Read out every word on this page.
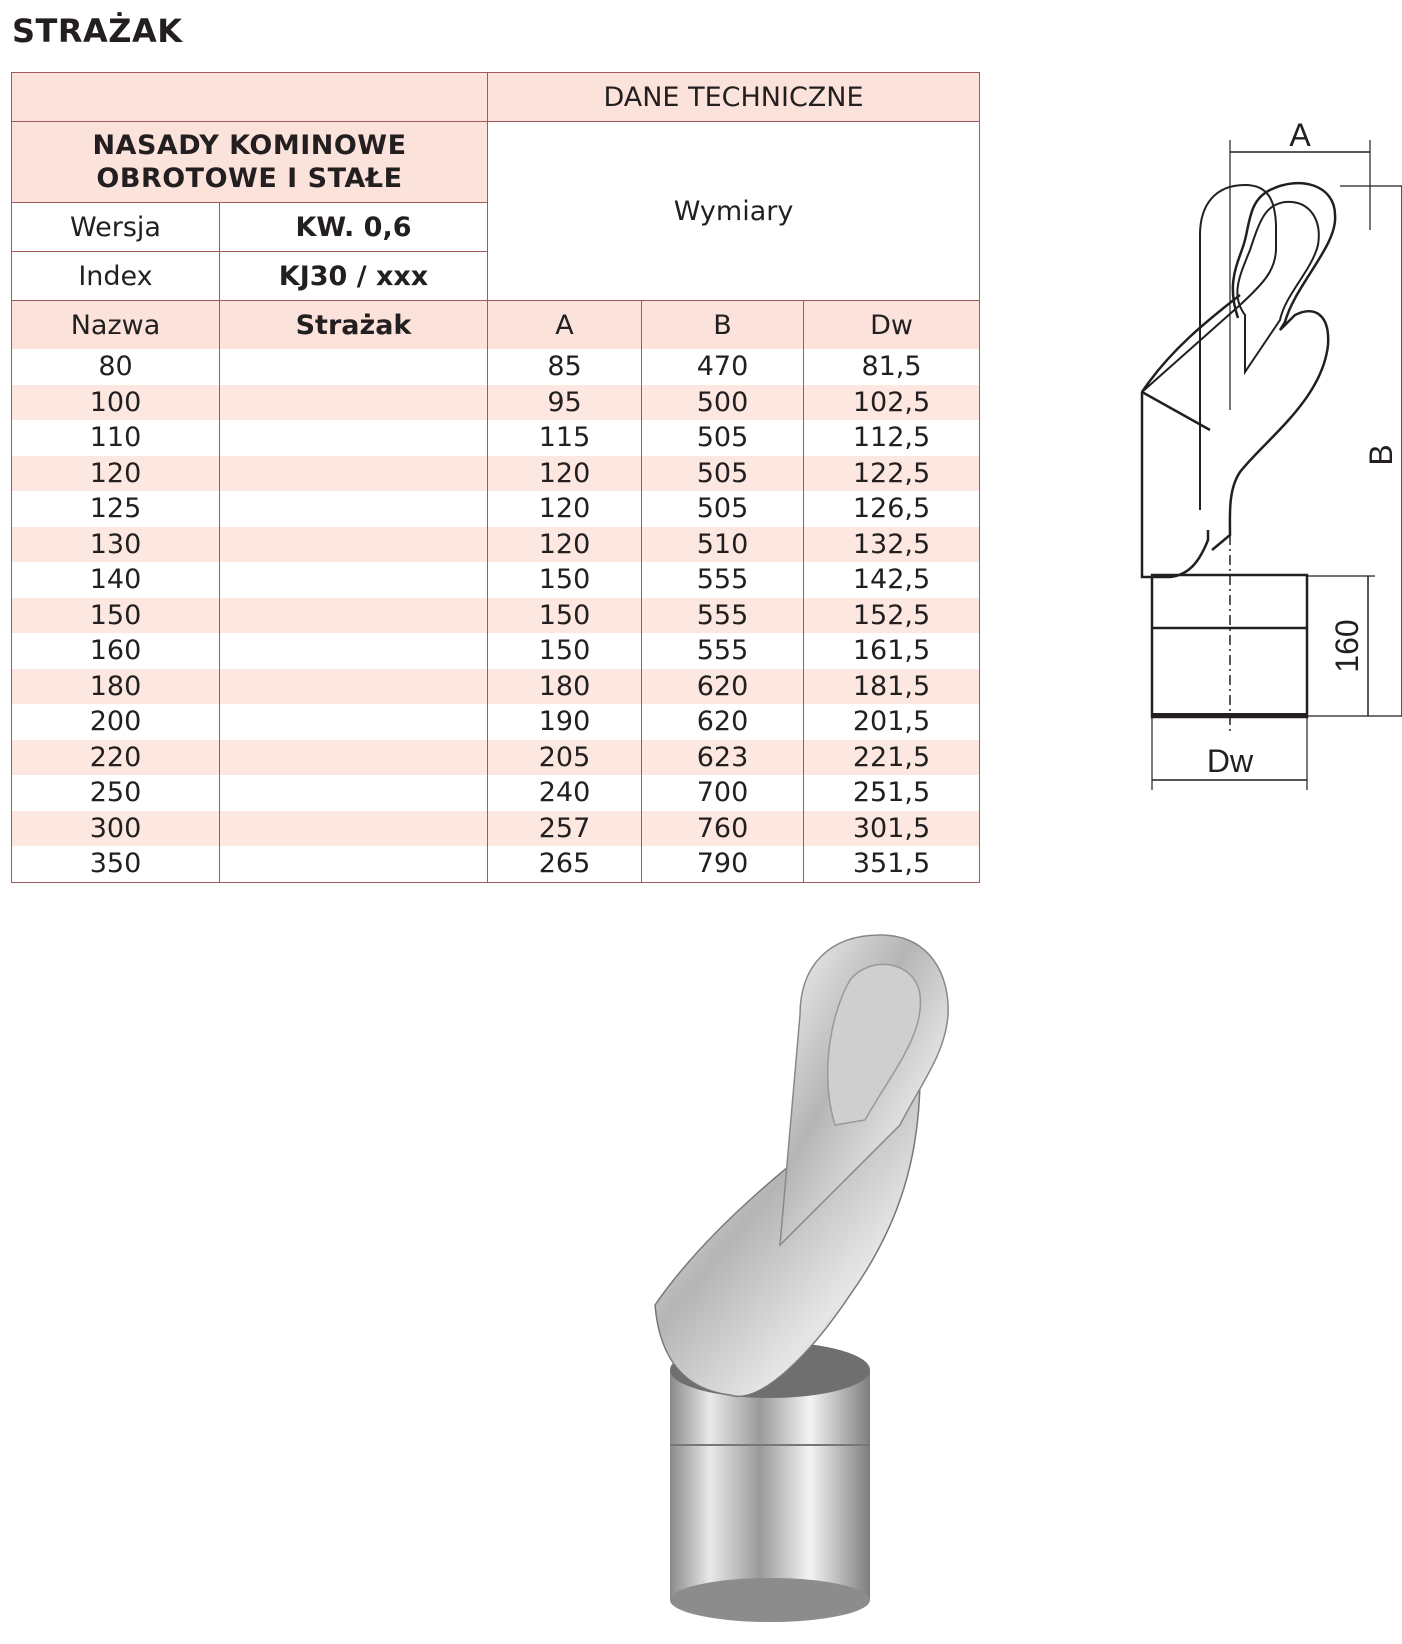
STRAŻAK
		DANE TECHNICZNE		

NASADY KOMINOWE
OBROTOWE I STAŁE		Wymiary		
Wersja	KW. 0,6			
Index	KJ30 / xxx			
Nazwa	Strażak	A	B	Dw
80		85	470	81,5
100		95	500	102,5
110		115	505	112,5
120		120	505	122,5
125		120	505	126,5
130		120	510	132,5
140		150	555	142,5
150		150	555	152,5
160		150	555	161,5
180		180	620	181,5
200		190	620	201,5
220		205	623	221,5
250		240	700	251,5
300		257	760	301,5
350		265	790	351,5
A
B
160
Dw
